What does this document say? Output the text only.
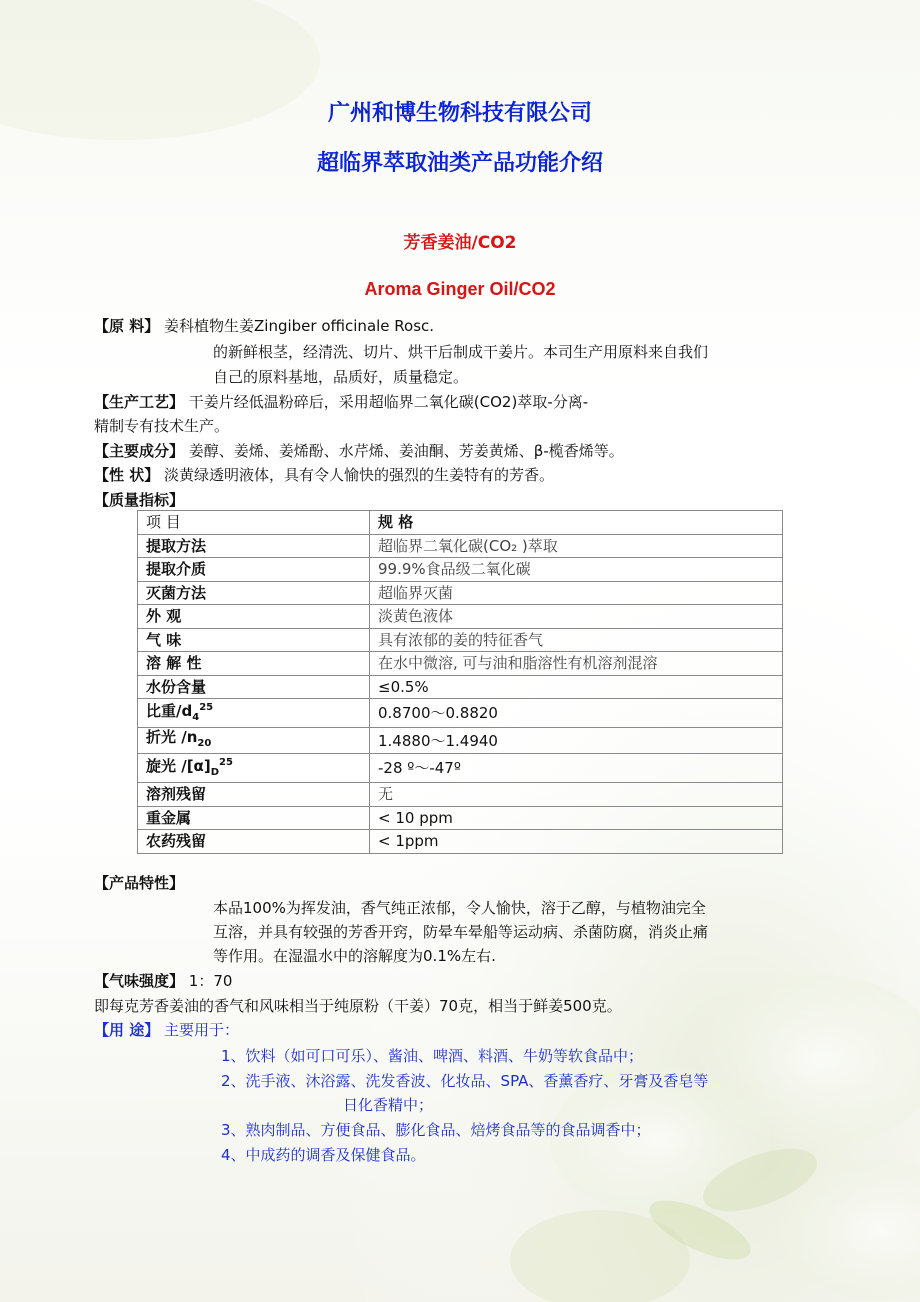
广州和博生物科技有限公司
超临界萃取油类产品功能介绍
芳香姜油/CO2
Aroma Ginger Oil/CO2
【原 料】 姜科植物生姜Zingiber officinale Rosc.
的新鲜根茎，经清洗、切片、烘干后制成干姜片。本司生产用原料来自我们
自己的原料基地，品质好，质量稳定。
【生产工艺】 干姜片经低温粉碎后，采用超临界二氧化碳(CO2)萃取-分离-
精制专有技术生产。
【主要成分】 姜醇、姜烯、姜烯酚、水芹烯、姜油酮、芳姜黄烯、β-榄香烯等。
【性 状】 淡黄绿透明液体，具有令人愉快的强烈的生姜特有的芳香。
【质量指标】
项 目	规 格
提取方法	超临界二氧化碳(CO₂ )萃取
提取介质	99.9%食品级二氧化碳
灭菌方法	超临界灭菌
外 观	淡黄色液体
气 味	具有浓郁的姜的特征香气
溶 解 性	在水中微溶, 可与油和脂溶性有机溶剂混溶
水份含量	≤0.5%
比重$/d_4^{25}$	0.8700～0.8820
折光 $/n_{20}$	1.4880～1.4940
旋光 $/[\alpha]_D^{25}$	-28 º～-47º
溶剂残留	无
重金属	< 10 ppm
农药残留	< 1ppm
【产品特性】
本品100%为挥发油，香气纯正浓郁，令人愉快，溶于乙醇，与植物油完全
互溶，并具有较强的芳香开窍，防晕车晕船等运动病、杀菌防腐，消炎止痛
等作用。在湿温水中的溶解度为0.1%左右.
【气味强度】 1：70
即每克芳香姜油的香气和风味相当于纯原粉（干姜）70克，相当于鲜姜500克。
【用 途】 主要用于：
1、饮料（如可口可乐）、酱油、啤酒、料酒、牛奶等软食品中；
2、洗手液、沐浴露、洗发香波、化妆品、SPA、香薰香疗、牙膏及香皂等
日化香精中；
3、熟肉制品、方便食品、膨化食品、焙烤食品等的食品调香中；
4、中成药的调香及保健食品。
